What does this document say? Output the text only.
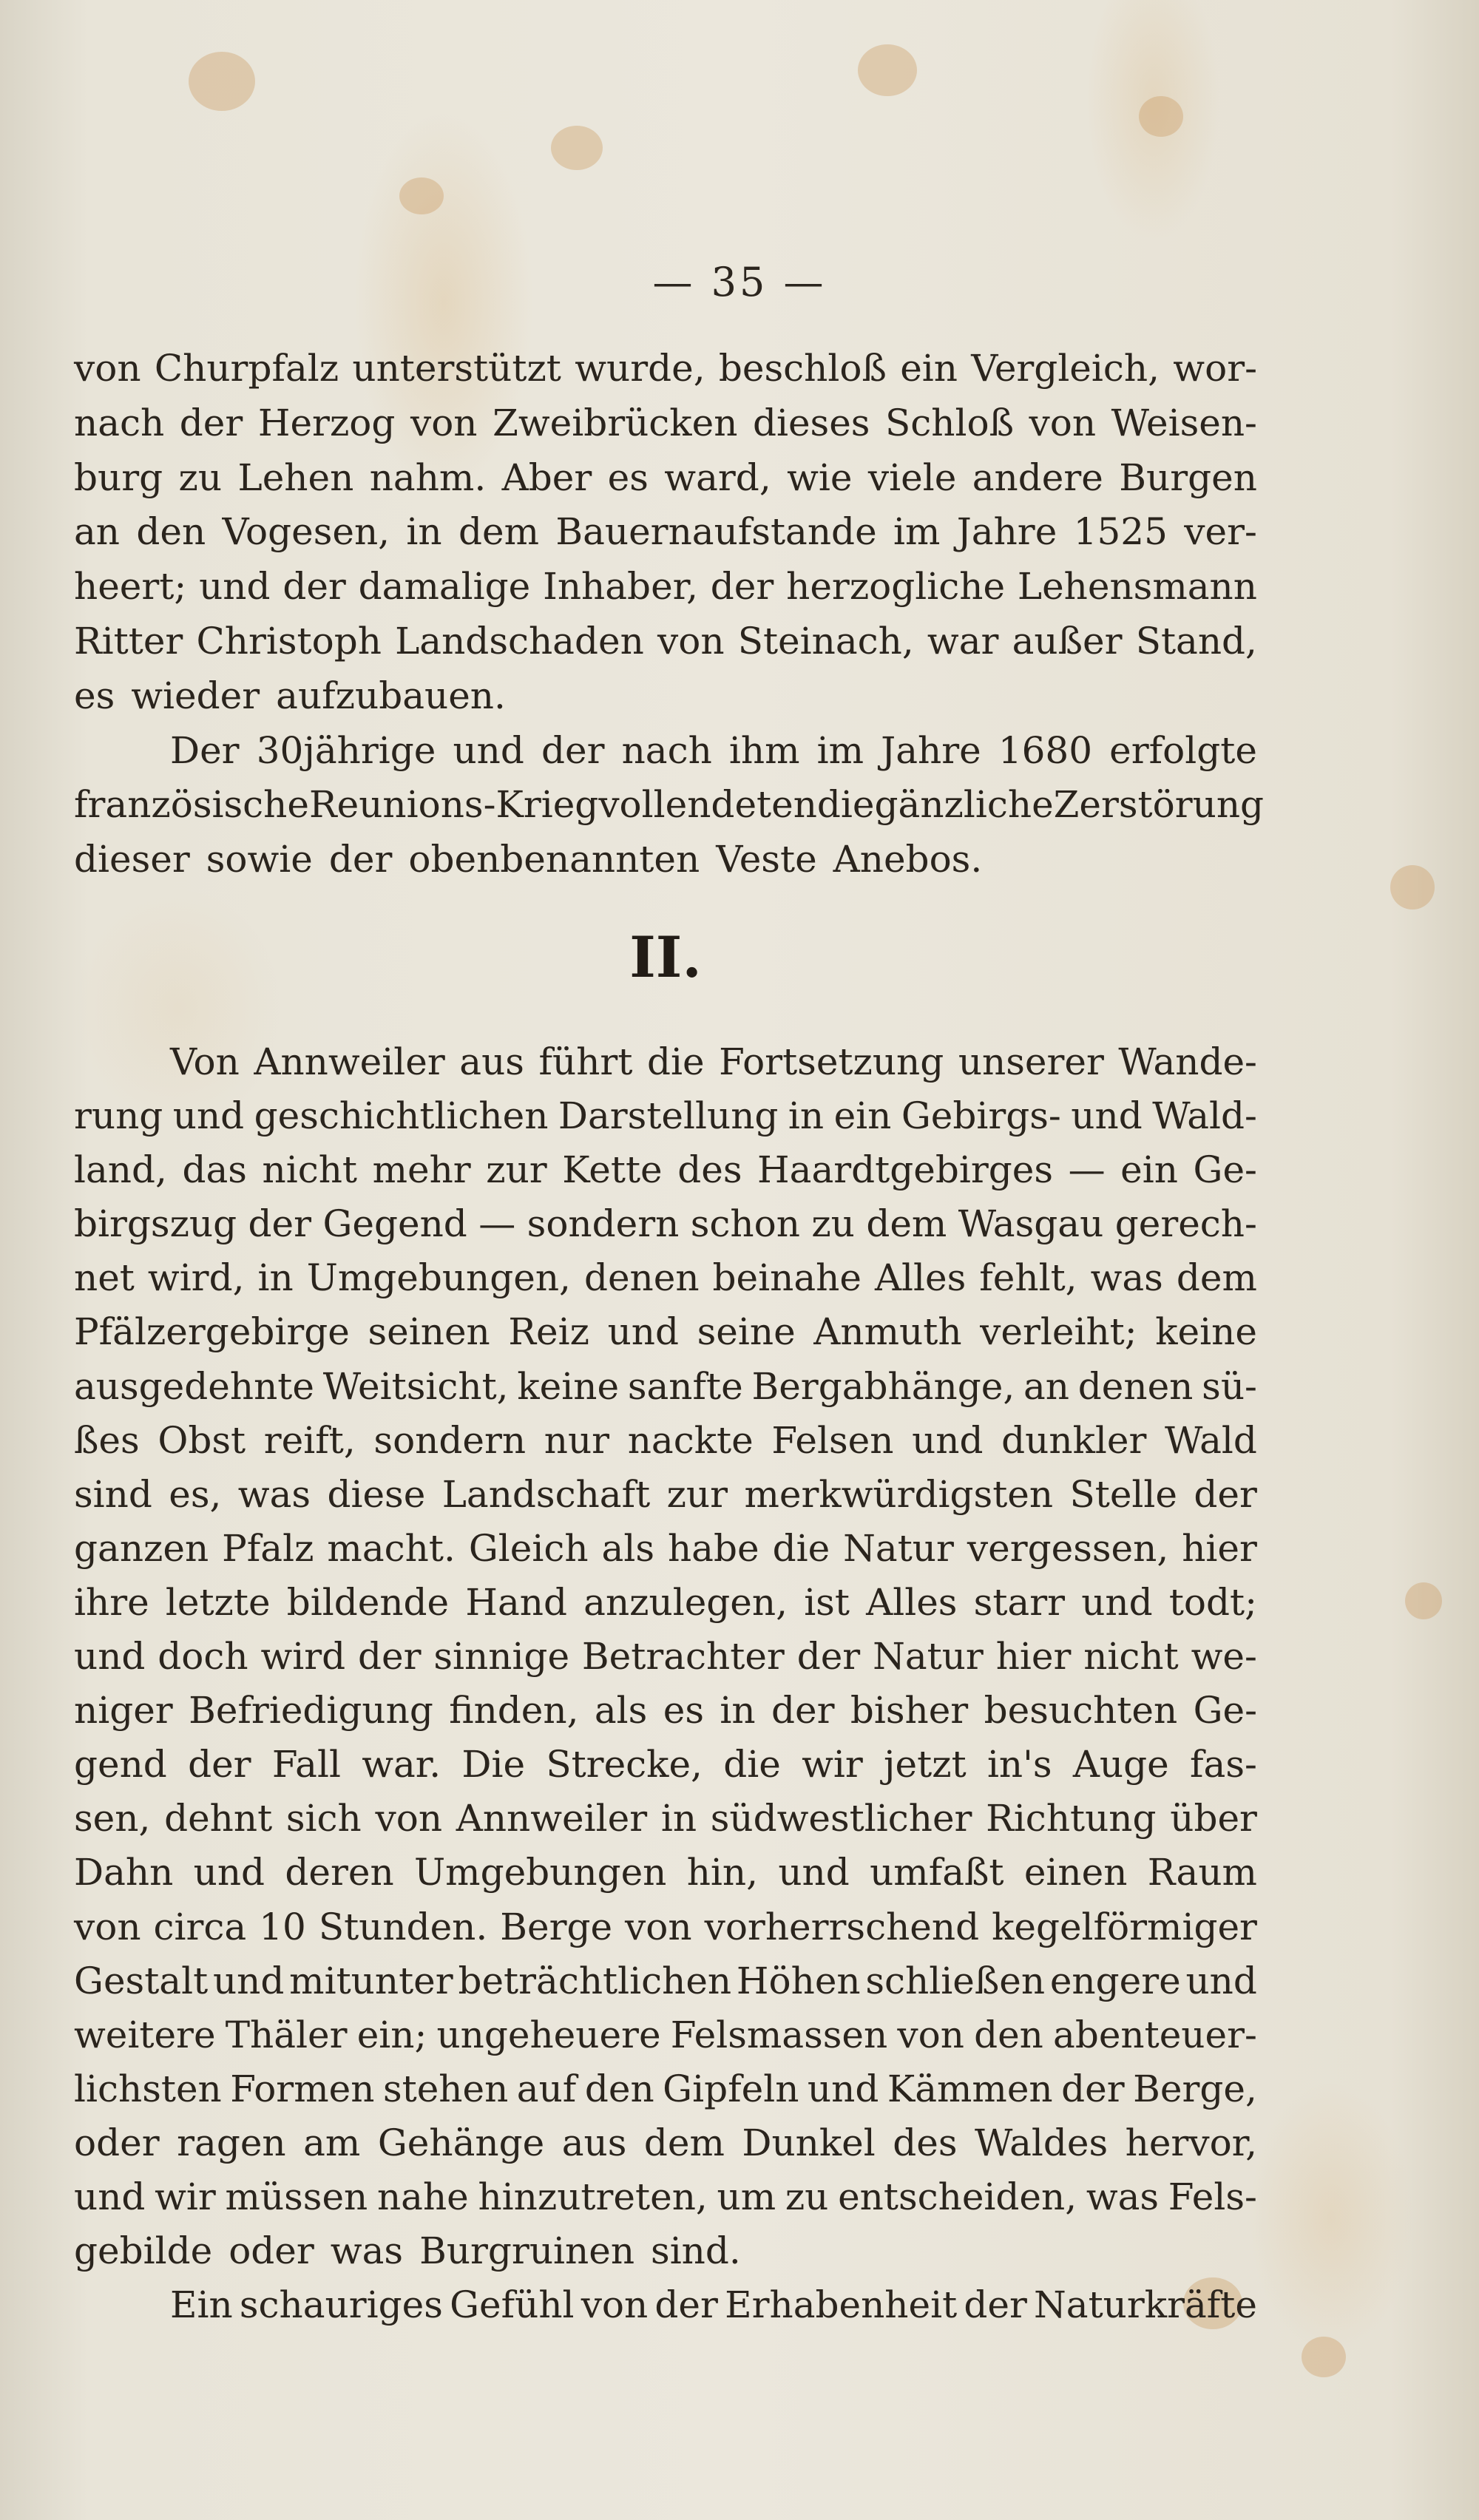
— 35 —
von Churpfalz unterstützt wurde, beschloß ein Vergleich, wor-
nach der Herzog von Zweibrücken dieses Schloß von Weisen-
burg zu Lehen nahm. Aber es ward, wie viele andere Burgen
an den Vogesen, in dem Bauernaufstande im Jahre 1525 ver-
heert; und der damalige Inhaber, der herzogliche Lehensmann
Ritter Christoph Landschaden von Steinach, war außer Stand,
es wieder aufzubauen.
Der 30jährige und der nach ihm im Jahre 1680 erfolgte
französische Reunions-Krieg vollendeten die gänzliche Zerstörung
dieser sowie der obenbenannten Veste Anebos.
II.
Von Annweiler aus führt die Fortsetzung unserer Wande-
rung und geschichtlichen Darstellung in ein Gebirgs- und Wald-
land, das nicht mehr zur Kette des Haardtgebirges — ein Ge-
birgszug der Gegend — sondern schon zu dem Wasgau gerech-
net wird, in Umgebungen, denen beinahe Alles fehlt, was dem
Pfälzergebirge seinen Reiz und seine Anmuth verleiht; keine
ausgedehnte Weitsicht, keine sanfte Bergabhänge, an denen sü-
ßes Obst reift, sondern nur nackte Felsen und dunkler Wald
sind es, was diese Landschaft zur merkwürdigsten Stelle der
ganzen Pfalz macht. Gleich als habe die Natur vergessen, hier
ihre letzte bildende Hand anzulegen, ist Alles starr und todt;
und doch wird der sinnige Betrachter der Natur hier nicht we-
niger Befriedigung finden, als es in der bisher besuchten Ge-
gend der Fall war. Die Strecke, die wir jetzt in's Auge fas-
sen, dehnt sich von Annweiler in südwestlicher Richtung über
Dahn und deren Umgebungen hin, und umfaßt einen Raum
von circa 10 Stunden. Berge von vorherrschend kegelförmiger
Gestalt und mitunter beträchtlichen Höhen schließen engere und
weitere Thäler ein; ungeheuere Felsmassen von den abenteuer-
lichsten Formen stehen auf den Gipfeln und Kämmen der Berge,
oder ragen am Gehänge aus dem Dunkel des Waldes hervor,
und wir müssen nahe hinzutreten, um zu entscheiden, was Fels-
gebilde oder was Burgruinen sind.
Ein schauriges Gefühl von der Erhabenheit der Naturkräfte
